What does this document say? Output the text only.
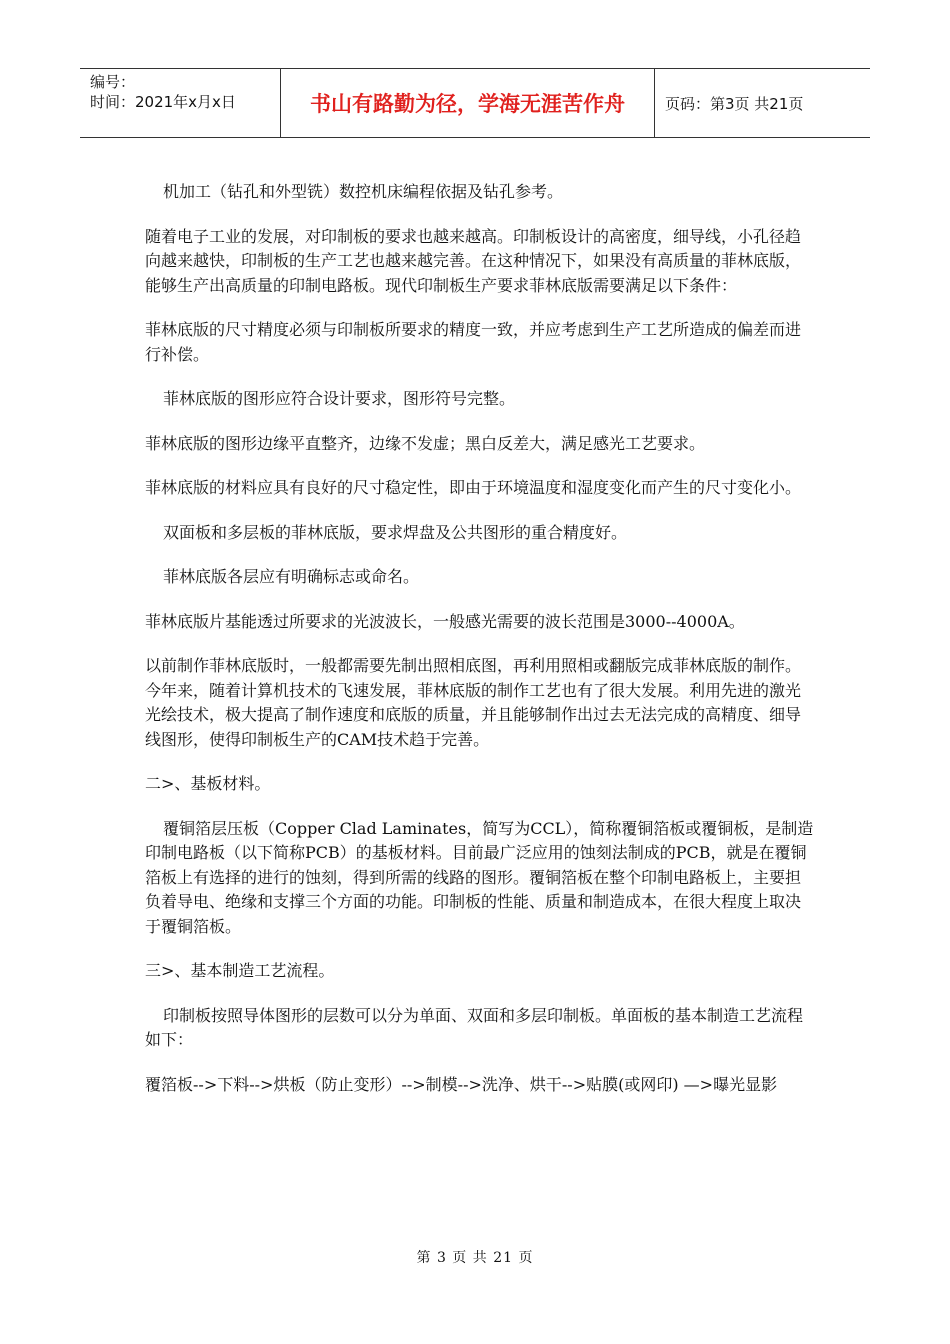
编号：
时间：2021年x月x日	书山有路勤为径，学海无涯苦作舟	页码：第3页 共21页

机加工（钻孔和外型铣）数控机床编程依据及钻孔参考。

随着电子工业的发展，对印制板的要求也越来越高。印制板设计的高密度，细导线，小孔径趋向越来越快，印制板的生产工艺也越来越完善。在这种情况下，如果没有高质量的菲林底版，能够生产出高质量的印制电路板。现代印制板生产要求菲林底版需要满足以下条件：

菲林底版的尺寸精度必须与印制板所要求的精度一致，并应考虑到生产工艺所造成的偏差而进行补偿。

菲林底版的图形应符合设计要求，图形符号完整。

菲林底版的图形边缘平直整齐，边缘不发虚；黑白反差大，满足感光工艺要求。

菲林底版的材料应具有良好的尺寸稳定性，即由于环境温度和湿度变化而产生的尺寸变化小。

双面板和多层板的菲林底版，要求焊盘及公共图形的重合精度好。

菲林底版各层应有明确标志或命名。

菲林底版片基能透过所要求的光波波长，一般感光需要的波长范围是3000--4000A。

以前制作菲林底版时，一般都需要先制出照相底图，再利用照相或翻版完成菲林底版的制作。今年来，随着计算机技术的飞速发展，菲林底版的制作工艺也有了很大发展。利用先进的激光光绘技术，极大提高了制作速度和底版的质量，并且能够制作出过去无法完成的高精度、细导线图形，使得印制板生产的CAM技术趋于完善。

二>、基板材料。

覆铜箔层压板（Copper Clad Laminates，简写为CCL），简称覆铜箔板或覆铜板，是制造印制电路板（以下简称PCB）的基板材料。目前最广泛应用的蚀刻法制成的PCB，就是在覆铜箔板上有选择的进行的蚀刻，得到所需的线路的图形。覆铜箔板在整个印制电路板上，主要担负着导电、绝缘和支撑三个方面的功能。印制板的性能、质量和制造成本，在很大程度上取决于覆铜箔板。

三>、基本制造工艺流程。

印制板按照导体图形的层数可以分为单面、双面和多层印制板。单面板的基本制造工艺流程如下：

覆箔板-->下料-->烘板（防止变形）-->制模-->洗净、烘干-->贴膜(或网印) —>曝光显影

第 3 页 共 21 页
